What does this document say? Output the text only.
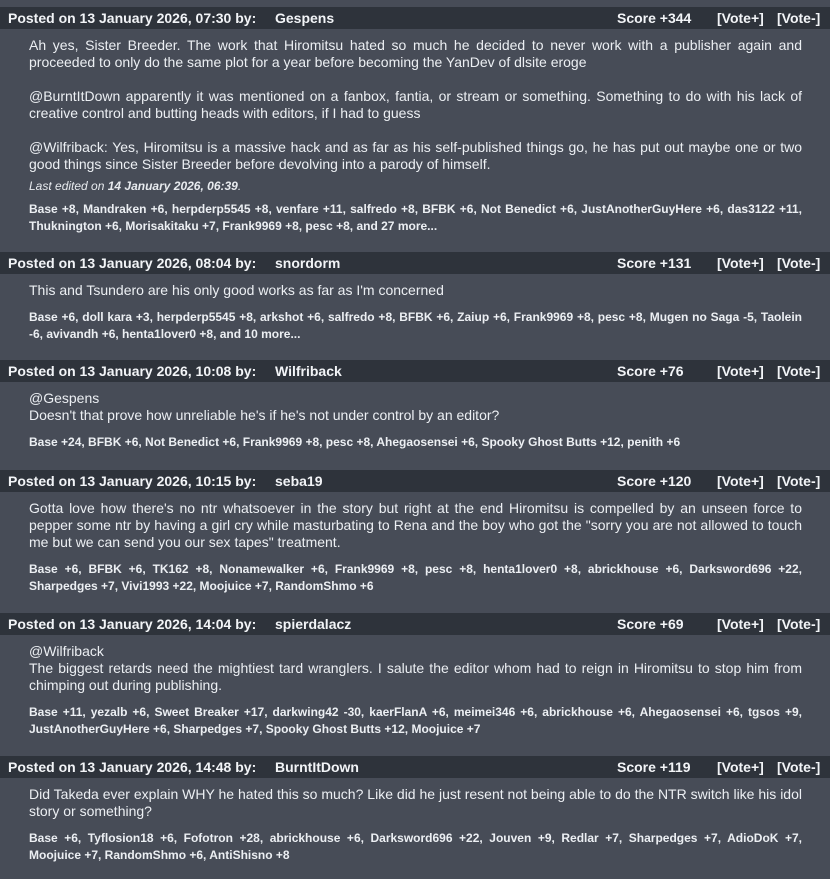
Posted on 13 January 2026, 07:30 by: Gespens	Score +344 [Vote+] [Vote-]

Ah yes, Sister Breeder. The work that Hiromitsu hated so much he decided to never work with a publisher again and proceeded to only do the same plot for a year before becoming the YanDev of dlsite eroge

@BurntItDown apparently it was mentioned on a fanbox, fantia, or stream or something. Something to do with his lack of creative control and butting heads with editors, if I had to guess

@Wilfriback: Yes, Hiromitsu is a massive hack and as far as his self-published things go, he has put out maybe one or two good things since Sister Breeder before devolving into a parody of himself.

Last edited on 14 January 2026, 06:39.
Base +8, Mandraken +6, herpderp5545 +8, venfare +11, salfredo +8, BFBK +6, Not Benedict +6, JustAnotherGuyHere +6, das3122 +11, Thuknington +6, Morisakitaku +7, Frank9969 +8, pesc +8, and 27 more...
Posted on 13 January 2026, 08:04 by: snordorm	Score +131 [Vote+] [Vote-]

This and Tsundero are his only good works as far as I'm concerned

Base +6, doll kara +3, herpderp5545 +8, arkshot +6, salfredo +8, BFBK +6, Zaiup +6, Frank9969 +8, pesc +8, Mugen no Saga -5, Taolein -6, avivandh +6, henta1lover0 +8, and 10 more...
Posted on 13 January 2026, 10:08 by: Wilfriback	Score +76 [Vote+] [Vote-]

@Gespens

Doesn't that prove how unreliable he's if he's not under control by an editor?

Base +24, BFBK +6, Not Benedict +6, Frank9969 +8, pesc +8, Ahegaosensei +6, Spooky Ghost Butts +12, penith +6
Posted on 13 January 2026, 10:15 by: seba19	Score +120 [Vote+] [Vote-]

Gotta love how there's no ntr whatsoever in the story but right at the end Hiromitsu is compelled by an unseen force to pepper some ntr by having a girl cry while masturbating to Rena and the boy who got the "sorry you are not allowed to touch me but we can send you our sex tapes" treatment.

Base +6, BFBK +6, TK162 +8, Nonamewalker +6, Frank9969 +8, pesc +8, henta1lover0 +8, abrickhouse +6, Darksword696 +22, Sharpedges +7, Vivi1993 +22, Moojuice +7, RandomShmo +6
Posted on 13 January 2026, 14:04 by: spierdalacz	Score +69 [Vote+] [Vote-]

@Wilfriback

The biggest retards need the mightiest tard wranglers. I salute the editor whom had to reign in Hiromitsu to stop him from chimping out during publishing.

Base +11, yezalb +6, Sweet Breaker +17, darkwing42 -30, kaerFlanA +6, meimei346 +6, abrickhouse +6, Ahegaosensei +6, tgsos +9, JustAnotherGuyHere +6, Sharpedges +7, Spooky Ghost Butts +12, Moojuice +7
Posted on 13 January 2026, 14:48 by: BurntItDown	Score +119 [Vote+] [Vote-]

Did Takeda ever explain WHY he hated this so much? Like did he just resent not being able to do the NTR switch like his idol story or something?

Base +6, Tyflosion18 +6, Fofotron +28, abrickhouse +6, Darksword696 +22, Jouven +9, Redlar +7, Sharpedges +7, AdioDoK +7, Moojuice +7, RandomShmo +6, AntiShisno +8
